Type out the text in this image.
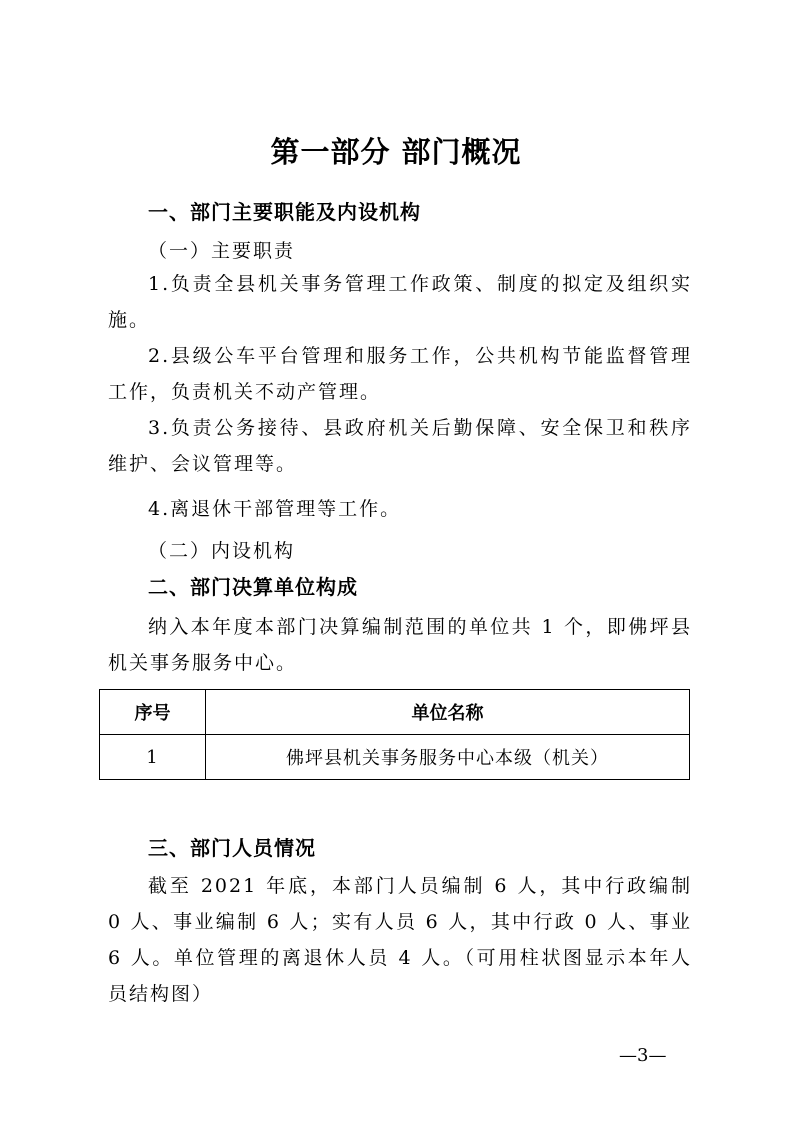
第一部分 部门概况
一、部门主要职能及内设机构
（一）主要职责
1.负责全县机关事务管理工作政策、制度的拟定及组织实施。
2.县级公车平台管理和服务工作，公共机构节能监督管理工作，负责机关不动产管理。
3.负责公务接待、县政府机关后勤保障、安全保卫和秩序维护、会议管理等。
4.离退休干部管理等工作。
（二）内设机构
二、部门决算单位构成
纳入本年度本部门决算编制范围的单位共 1 个，即佛坪县机关事务服务中心。
序号	单位名称
1	佛坪县机关事务服务中心本级（机关）
三、部门人员情况
截至 2021 年底，本部门人员编制 6 人，其中行政编制 0 人、事业编制 6 人；实有人员 6 人，其中行政 0 人、事业 6 人。单位管理的离退休人员 4 人。（可用柱状图显示本年人员结构图）
—3—
